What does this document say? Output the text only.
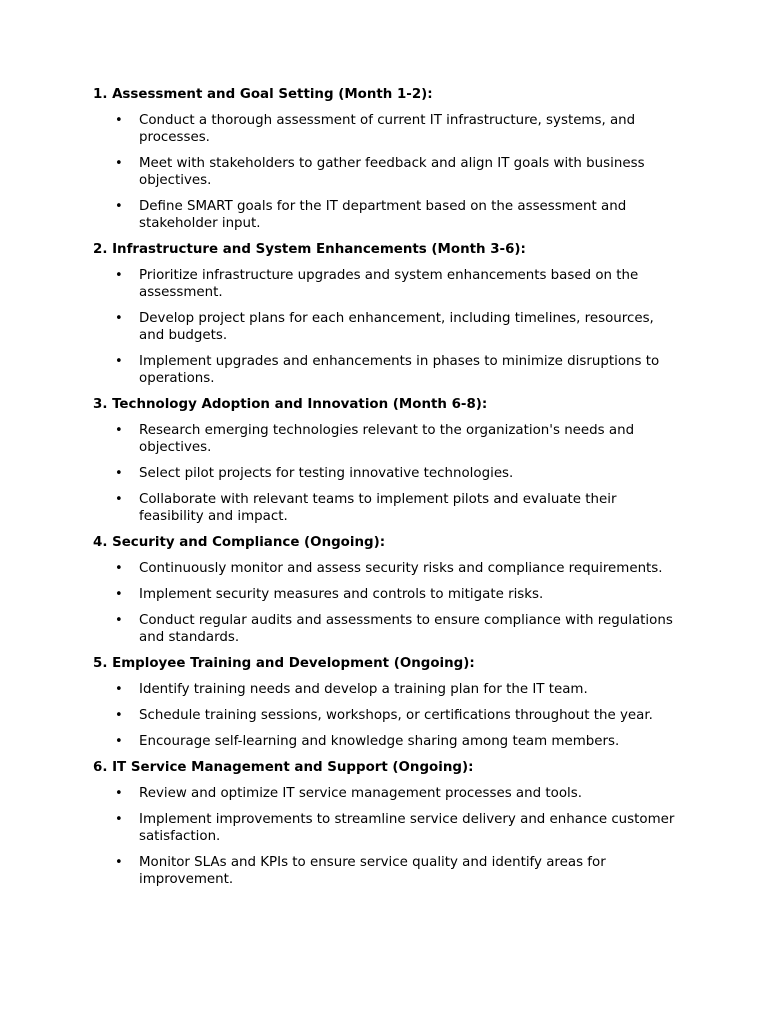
1. Assessment and Goal Setting (Month 1-2):
• Conduct a thorough assessment of current IT infrastructure, systems, and processes.
• Meet with stakeholders to gather feedback and align IT goals with business objectives.
• Define SMART goals for the IT department based on the assessment and stakeholder input.
2. Infrastructure and System Enhancements (Month 3-6):
• Prioritize infrastructure upgrades and system enhancements based on the assessment.
• Develop project plans for each enhancement, including timelines, resources, and budgets.
• Implement upgrades and enhancements in phases to minimize disruptions to operations.
3. Technology Adoption and Innovation (Month 6-8):
• Research emerging technologies relevant to the organization's needs and objectives.
• Select pilot projects for testing innovative technologies.
• Collaborate with relevant teams to implement pilots and evaluate their feasibility and impact.
4. Security and Compliance (Ongoing):
• Continuously monitor and assess security risks and compliance requirements.
• Implement security measures and controls to mitigate risks.
• Conduct regular audits and assessments to ensure compliance with regulations and standards.
5. Employee Training and Development (Ongoing):
• Identify training needs and develop a training plan for the IT team.
• Schedule training sessions, workshops, or certifications throughout the year.
• Encourage self-learning and knowledge sharing among team members.
6. IT Service Management and Support (Ongoing):
• Review and optimize IT service management processes and tools.
• Implement improvements to streamline service delivery and enhance customer satisfaction.
• Monitor SLAs and KPIs to ensure service quality and identify areas for improvement.
